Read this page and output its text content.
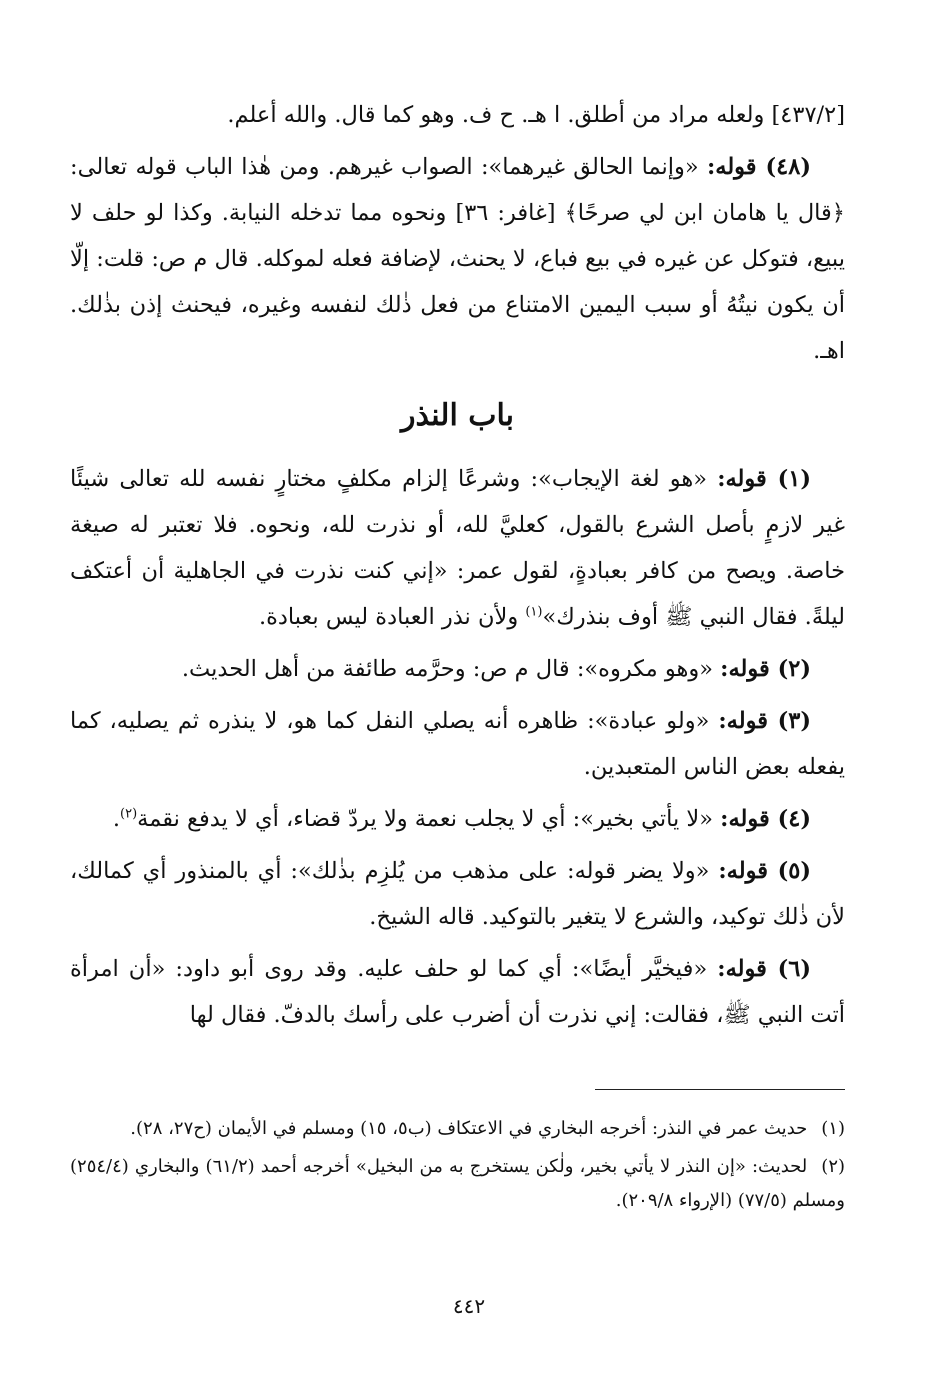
[٤٣٧/٢] ولعله مراد من أطلق. ا هـ. ح ف. وهو كما قال. والله أعلم.

(٤٨) قوله: «وإنما الحالق غيرهما»: الصواب غيرهم. ومن هٰذا الباب قوله تعالى: ﴿قال يا هامان ابن لي صرحًا﴾ [غافر: ٣٦] ونحوه مما تدخله النيابة. وكذا لو حلف لا يبيع، فتوكل عن غيره في بيع فباع، لا يحنث، لإضافة فعله لموكله. قال م ص: قلت: إلّا أن يكون نيتُهُ أو سبب اليمين الامتناع من فعل ذٰلك لنفسه وغيره، فيحنث إذن بذٰلك. اهـ.

باب النذر

(١) قوله: «هو لغة الإيجاب»: وشرعًا إلزام مكلفٍ مختارٍ نفسه لله تعالى شيئًا غير لازمٍ بأصل الشرع بالقول، كعليَّ لله، أو نذرت لله، ونحوه. فلا تعتبر له صيغة خاصة. ويصح من كافر بعبادةٍ، لقول عمر: «إني كنت نذرت في الجاهلية أن أعتكف ليلةً. فقال النبي ﷺ أوف بنذرك»$^{(١)}$ ولأن نذر العبادة ليس بعبادة.

(٢) قوله: «وهو مكروه»: قال م ص: وحرَّمه طائفة من أهل الحديث.

(٣) قوله: «ولو عبادة»: ظاهره أنه يصلي النفل كما هو، لا ينذره ثم يصليه، كما يفعله بعض الناس المتعبدين.

(٤) قوله: «لا يأتي بخير»: أي لا يجلب نعمة ولا يردّ قضاء، أي لا يدفع نقمة$^{(٢)}$.

(٥) قوله: «ولا يضر قوله: على مذهب من يُلزِم بذٰلك»: أي بالمنذور أي كمالك، لأن ذٰلك توكيد، والشرع لا يتغير بالتوكيد. قاله الشيخ.

(٦) قوله: «فيخيَّر أيضًا»: أي كما لو حلف عليه. وقد روى أبو داود: «أن امرأة أتت النبي ﷺ، فقالت: إني نذرت أن أضرب على رأسك بالدفّ. فقال لها

(١)حديث عمر في النذر: أخرجه البخاري في الاعتكاف (ب٥، ١٥) ومسلم في الأيمان (ح٢٧، ٢٨).

(٢)لحديث: «إن النذر لا يأتي بخير، ولٰكن يستخرج به من البخيل» أخرجه أحمد (٦١/٢) والبخاري (٢٥٤/٤) ومسلم (٧٧/٥) (الإرواء ٢٠٩/٨).

٤٤٢
